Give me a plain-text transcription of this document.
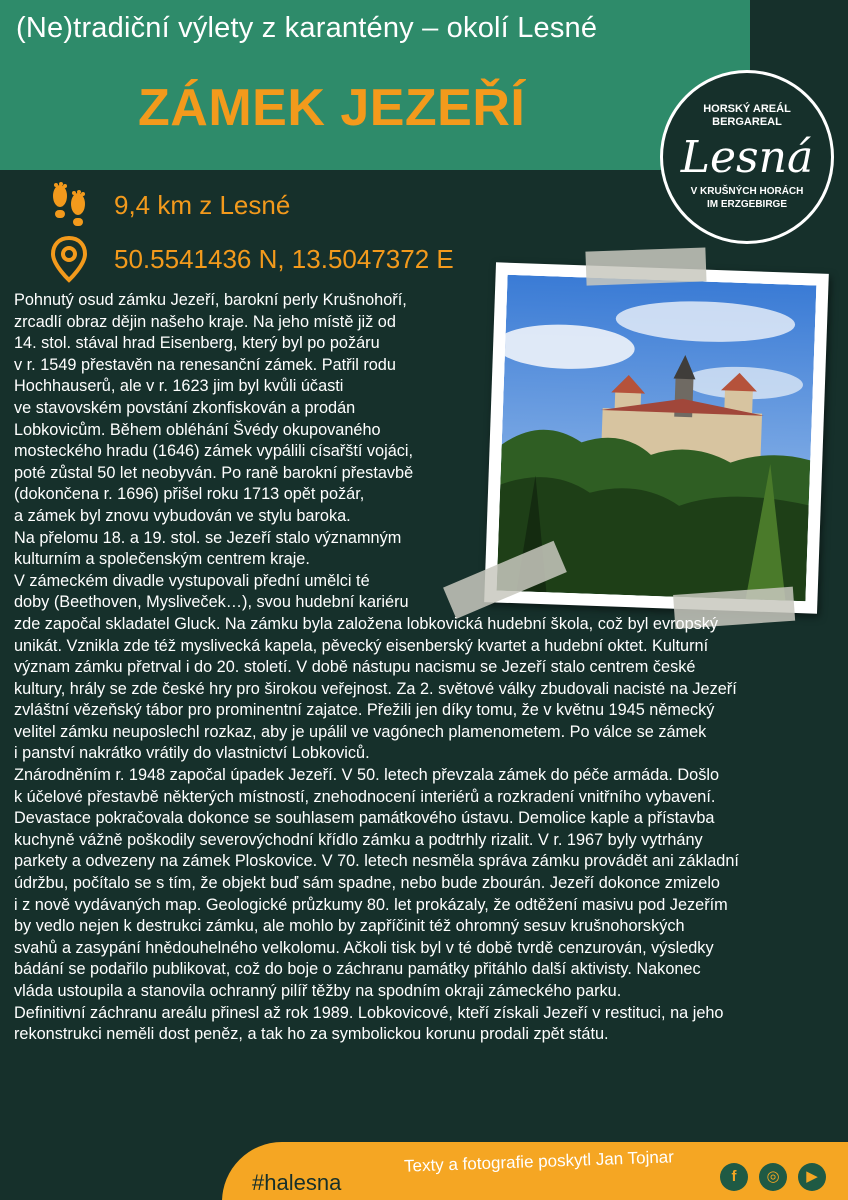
(Ne)tradiční výlety z karantény – okolí Lesné
ZÁMEK JEZEŘÍ	HORSKÝ AREÁL
BERGAREAL
Lesná
V KRUŠNÝCH HORÁCH
IM ERZGEBIRGE
9,4 km z Lesné
50.5541436 N, 13.5047372 E
Pohnutý osud zámku Jezeří, barokní perly Krušnohoří,
zrcadlí obraz dějin našeho kraje. Na jeho místě již od
14. stol. stával hrad Eisenberg, který byl po požáru
v r. 1549 přestavěn na renesanční zámek. Patřil rodu
Hochhauserů, ale v r. 1623 jim byl kvůli účasti
ve stavovském povstání zkonfiskován a prodán
Lobkovicům. Během obléhání Švédy okupovaného
mosteckého hradu (1646) zámek vypálili císařští vojáci,
poté zůstal 50 let neobyván. Po raně barokní přestavbě
(dokončena r. 1696) přišel roku 1713 opět požár,
a zámek byl znovu vybudován ve stylu baroka.
Na přelomu 18. a 19. stol. se Jezeří stalo významným
kulturním a společenským centrem kraje.
V zámeckém divadle vystupovali přední umělci té
doby (Beethoven, Mysliveček…), svou hudební kariéru
zde započal skladatel Gluck. Na zámku byla založena lobkovická hudební škola, což byl evropský
unikát. Vznikla zde též myslivecká kapela, pěvecký eisenberský kvartet a hudební oktet. Kulturní
význam zámku přetrval i do 20. století. V době nástupu nacismu se Jezeří stalo centrem české
kultury, hrály se zde české hry pro širokou veřejnost. Za 2. světové války zbudovali nacisté na Jezeří
zvláštní vězeňský tábor pro prominentní zajatce. Přežili jen díky tomu, že v květnu 1945 německý
velitel zámku neuposlechl rozkaz, aby je upálil ve vagónech plamenometem. Po válce se zámek
i panství nakrátko vrátily do vlastnictví Lobkoviců.
Znárodněním r. 1948 započal úpadek Jezeří. V 50. letech převzala zámek do péče armáda. Došlo
k účelové přestavbě některých místností, znehodnocení interiérů a rozkradení vnitřního vybavení.
Devastace pokračovala dokonce se souhlasem památkového ústavu. Demolice kaple a přístavba
kuchyně vážně poškodily severovýchodní křídlo zámku a podtrhly rizalit. V r. 1967 byly vytrhány
parkety a odvezeny na zámek Ploskovice. V 70. letech nesměla správa zámku provádět ani základní
údržbu, počítalo se s tím, že objekt buď sám spadne, nebo bude zbourán. Jezeří dokonce zmizelo
i z nově vydávaných map. Geologické průzkumy 80. let prokázaly, že odtěžení masivu pod Jezeřím
by vedlo nejen k destrukci zámku, ale mohlo by zapříčinit též ohromný sesuv krušnohorských
svahů a zasypání hnědouhelného velkolomu. Ačkoli tisk byl v té době tvrdě cenzurován, výsledky
bádání se podařilo publikovat, což do boje o záchranu památky přitáhlo další aktivisty. Nakonec
vláda ustoupila a stanovila ochranný pilíř těžby na spodním okraji zámeckého parku.
Definitivní záchranu areálu přinesl až rok 1989. Lobkovicové, kteří získali Jezeří v restituci, na jeho
rekonstrukci neměli dost peněz, a tak ho za symbolickou korunu prodali zpět státu.
#halesna
Texty a fotografie poskytl Jan Tojnar
f	◎	▶
